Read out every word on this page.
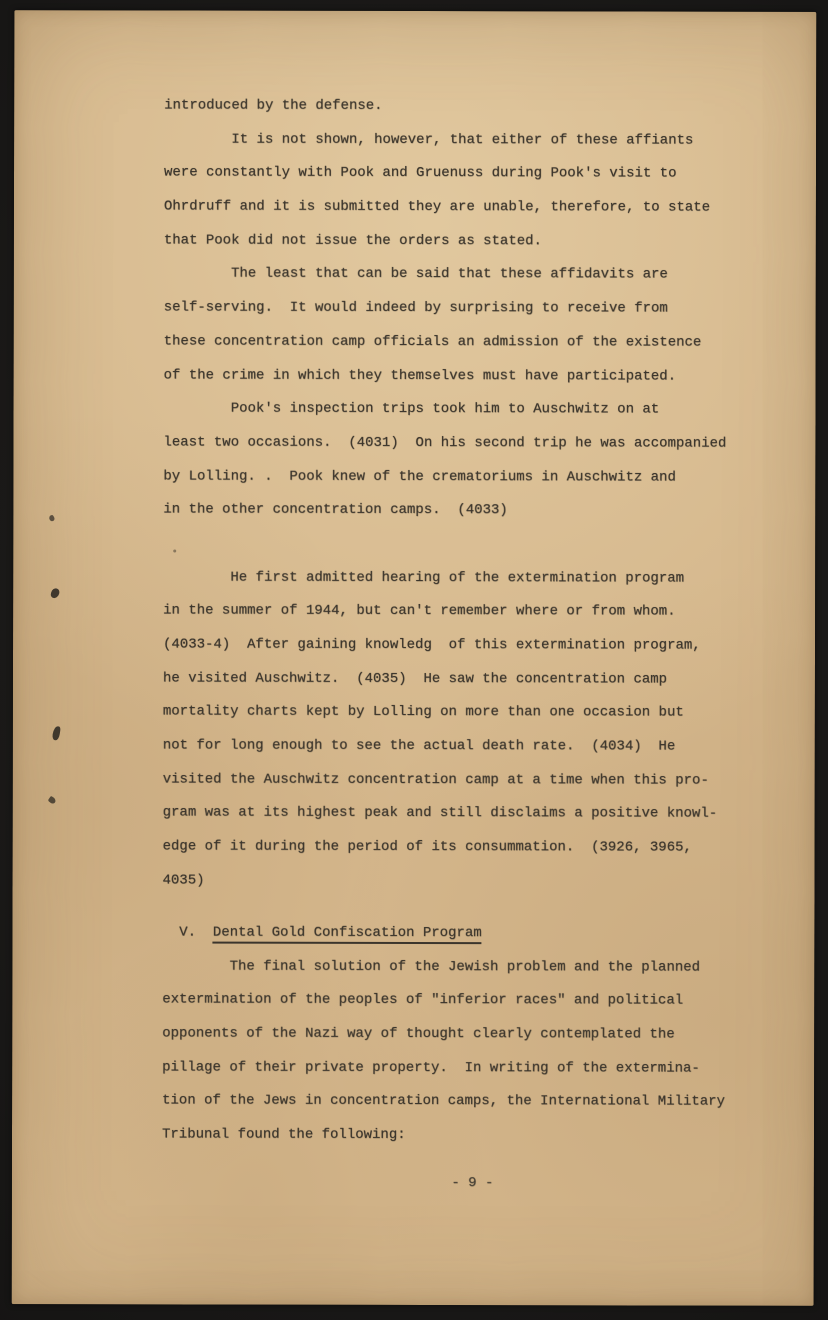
introduced by the defense.
It is not shown, however, that either of these affiants
were constantly with Pook and Gruenuss during Pook's visit to
Ohrdruff and it is submitted they are unable, therefore, to state
that Pook did not issue the orders as stated.
The least that can be said that these affidavits are
self-serving.  It would indeed by surprising to receive from
these concentration camp officials an admission of the existence
of the crime in which they themselves must have participated.
Pook's inspection trips took him to Auschwitz on at
least two occasions.  (4031)  On his second trip he was accompanied
by Lolling. .  Pook knew of the crematoriums in Auschwitz and
in the other concentration camps.  (4033)
He first admitted hearing of the extermination program
in the summer of 1944, but can't remember where or from whom.
(4033-4)  After gaining knowledg  of this extermination program,
he visited Auschwitz.  (4035)  He saw the concentration camp
mortality charts kept by Lolling on more than one occasion but
not for long enough to see the actual death rate.  (4034)  He
visited the Auschwitz concentration camp at a time when this pro-
gram was at its highest peak and still disclaims a positive knowl-
edge of it during the period of its consummation.  (3926, 3965,
4035)
V.  Dental Gold Confiscation Program
The final solution of the Jewish problem and the planned
extermination of the peoples of "inferior races" and political
opponents of the Nazi way of thought clearly contemplated the
pillage of their private property.  In writing of the extermina-
tion of the Jews in concentration camps, the International Military
Tribunal found the following:
- 9 -
